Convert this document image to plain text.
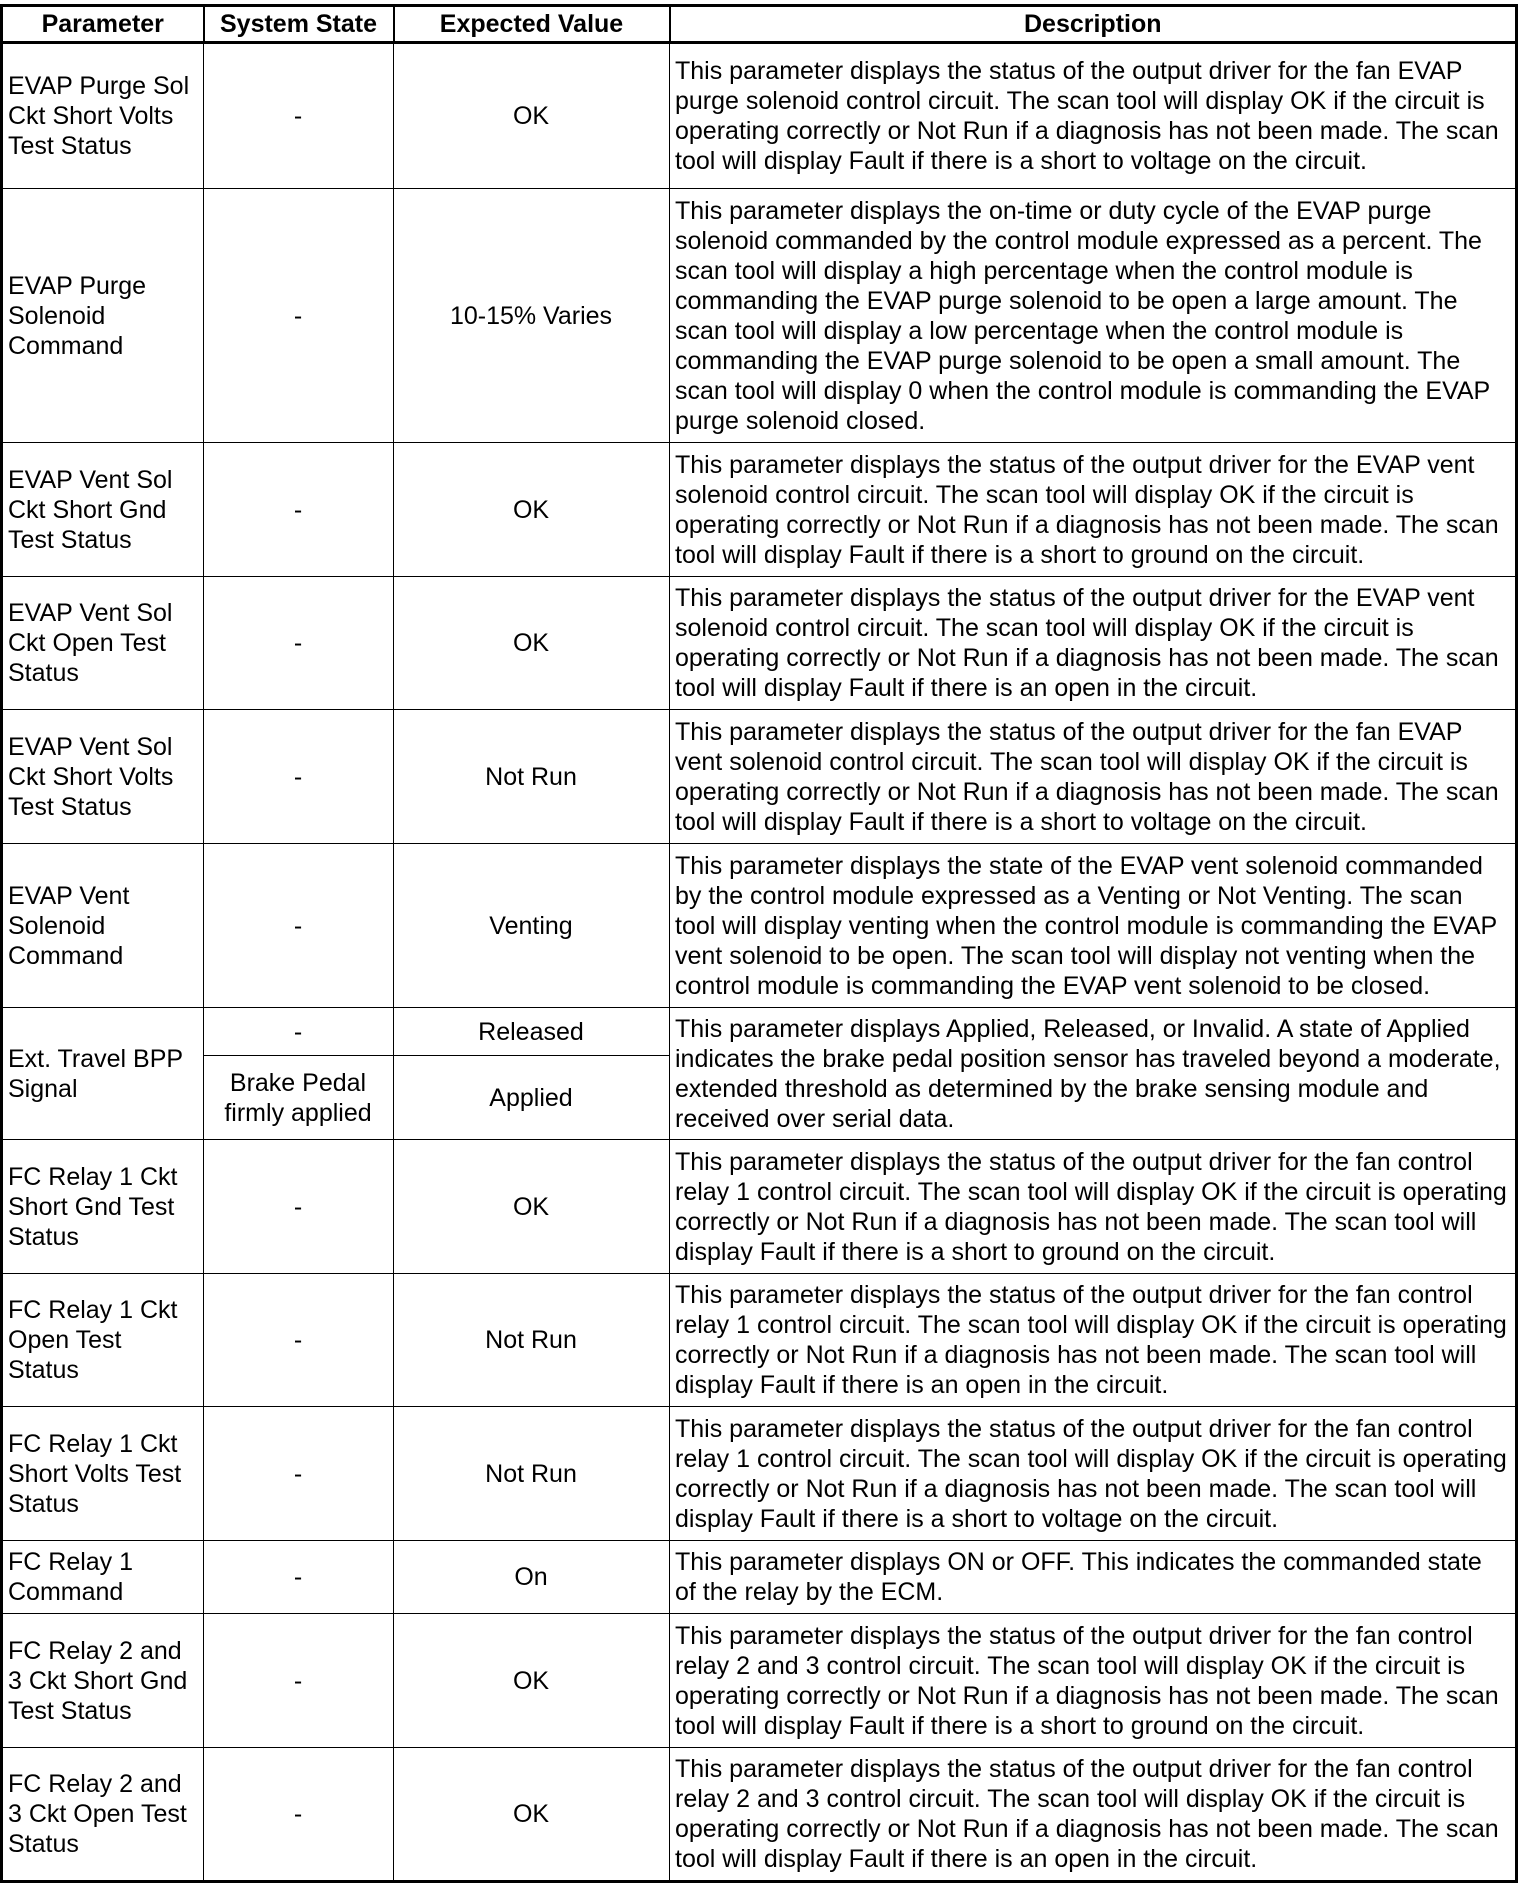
Parameter	System State	Expected Value	Description
EVAP Purge Sol Ckt Short Volts Test Status	-	OK	This parameter displays the status of the output driver for the fan EVAP purge solenoid control circuit. The scan tool will display OK if the circuit is operating correctly or Not Run if a diagnosis has not been made. The scan tool will display Fault if there is a short to voltage on the circuit.
EVAP Purge Solenoid Command	-	10-15% Varies	This parameter displays the on-time or duty cycle of the EVAP purge solenoid commanded by the control module expressed as a percent. The scan tool will display a high percentage when the control module is commanding the EVAP purge solenoid to be open a large amount. The scan tool will display a low percentage when the control module is commanding the EVAP purge solenoid to be open a small amount. The scan tool will display 0 when the control module is commanding the EVAP purge solenoid closed.
EVAP Vent Sol Ckt Short Gnd Test Status	-	OK	This parameter displays the status of the output driver for the EVAP vent solenoid control circuit. The scan tool will display OK if the circuit is operating correctly or Not Run if a diagnosis has not been made. The scan tool will display Fault if there is a short to ground on the circuit.
EVAP Vent Sol Ckt Open Test Status	-	OK	This parameter displays the status of the output driver for the EVAP vent solenoid control circuit. The scan tool will display OK if the circuit is operating correctly or Not Run if a diagnosis has not been made. The scan tool will display Fault if there is an open in the circuit.
EVAP Vent Sol Ckt Short Volts Test Status	-	Not Run	This parameter displays the status of the output driver for the fan EVAP vent solenoid control circuit. The scan tool will display OK if the circuit is operating correctly or Not Run if a diagnosis has not been made. The scan tool will display Fault if there is a short to voltage on the circuit.
EVAP Vent Solenoid Command	-	Venting	This parameter displays the state of the EVAP vent solenoid commanded by the control module expressed as a Venting or Not Venting. The scan tool will display venting when the control module is commanding the EVAP vent solenoid to be open. The scan tool will display not venting when the control module is commanding the EVAP vent solenoid to be closed.
Ext. Travel BPP Signal	-	Released	This parameter displays Applied, Released, or Invalid. A state of Applied indicates the brake pedal position sensor has traveled beyond a moderate, extended threshold as determined by the brake sensing module and received over serial data.
	Brake Pedal firmly applied	Applied	
FC Relay 1 Ckt Short Gnd Test Status	-	OK	This parameter displays the status of the output driver for the fan control relay 1 control circuit. The scan tool will display OK if the circuit is operating correctly or Not Run if a diagnosis has not been made. The scan tool will display Fault if there is a short to ground on the circuit.
FC Relay 1 Ckt Open Test Status	-	Not Run	This parameter displays the status of the output driver for the fan control relay 1 control circuit. The scan tool will display OK if the circuit is operating correctly or Not Run if a diagnosis has not been made. The scan tool will display Fault if there is an open in the circuit.
FC Relay 1 Ckt Short Volts Test Status	-	Not Run	This parameter displays the status of the output driver for the fan control relay 1 control circuit. The scan tool will display OK if the circuit is operating correctly or Not Run if a diagnosis has not been made. The scan tool will display Fault if there is a short to voltage on the circuit.
FC Relay 1 Command	-	On	This parameter displays ON or OFF. This indicates the commanded state of the relay by the ECM.
FC Relay 2 and 3 Ckt Short Gnd Test Status	-	OK	This parameter displays the status of the output driver for the fan control relay 2 and 3 control circuit. The scan tool will display OK if the circuit is operating correctly or Not Run if a diagnosis has not been made. The scan tool will display Fault if there is a short to ground on the circuit.
FC Relay 2 and 3 Ckt Open Test Status	-	OK	This parameter displays the status of the output driver for the fan control relay 2 and 3 control circuit. The scan tool will display OK if the circuit is operating correctly or Not Run if a diagnosis has not been made. The scan tool will display Fault if there is an open in the circuit.
